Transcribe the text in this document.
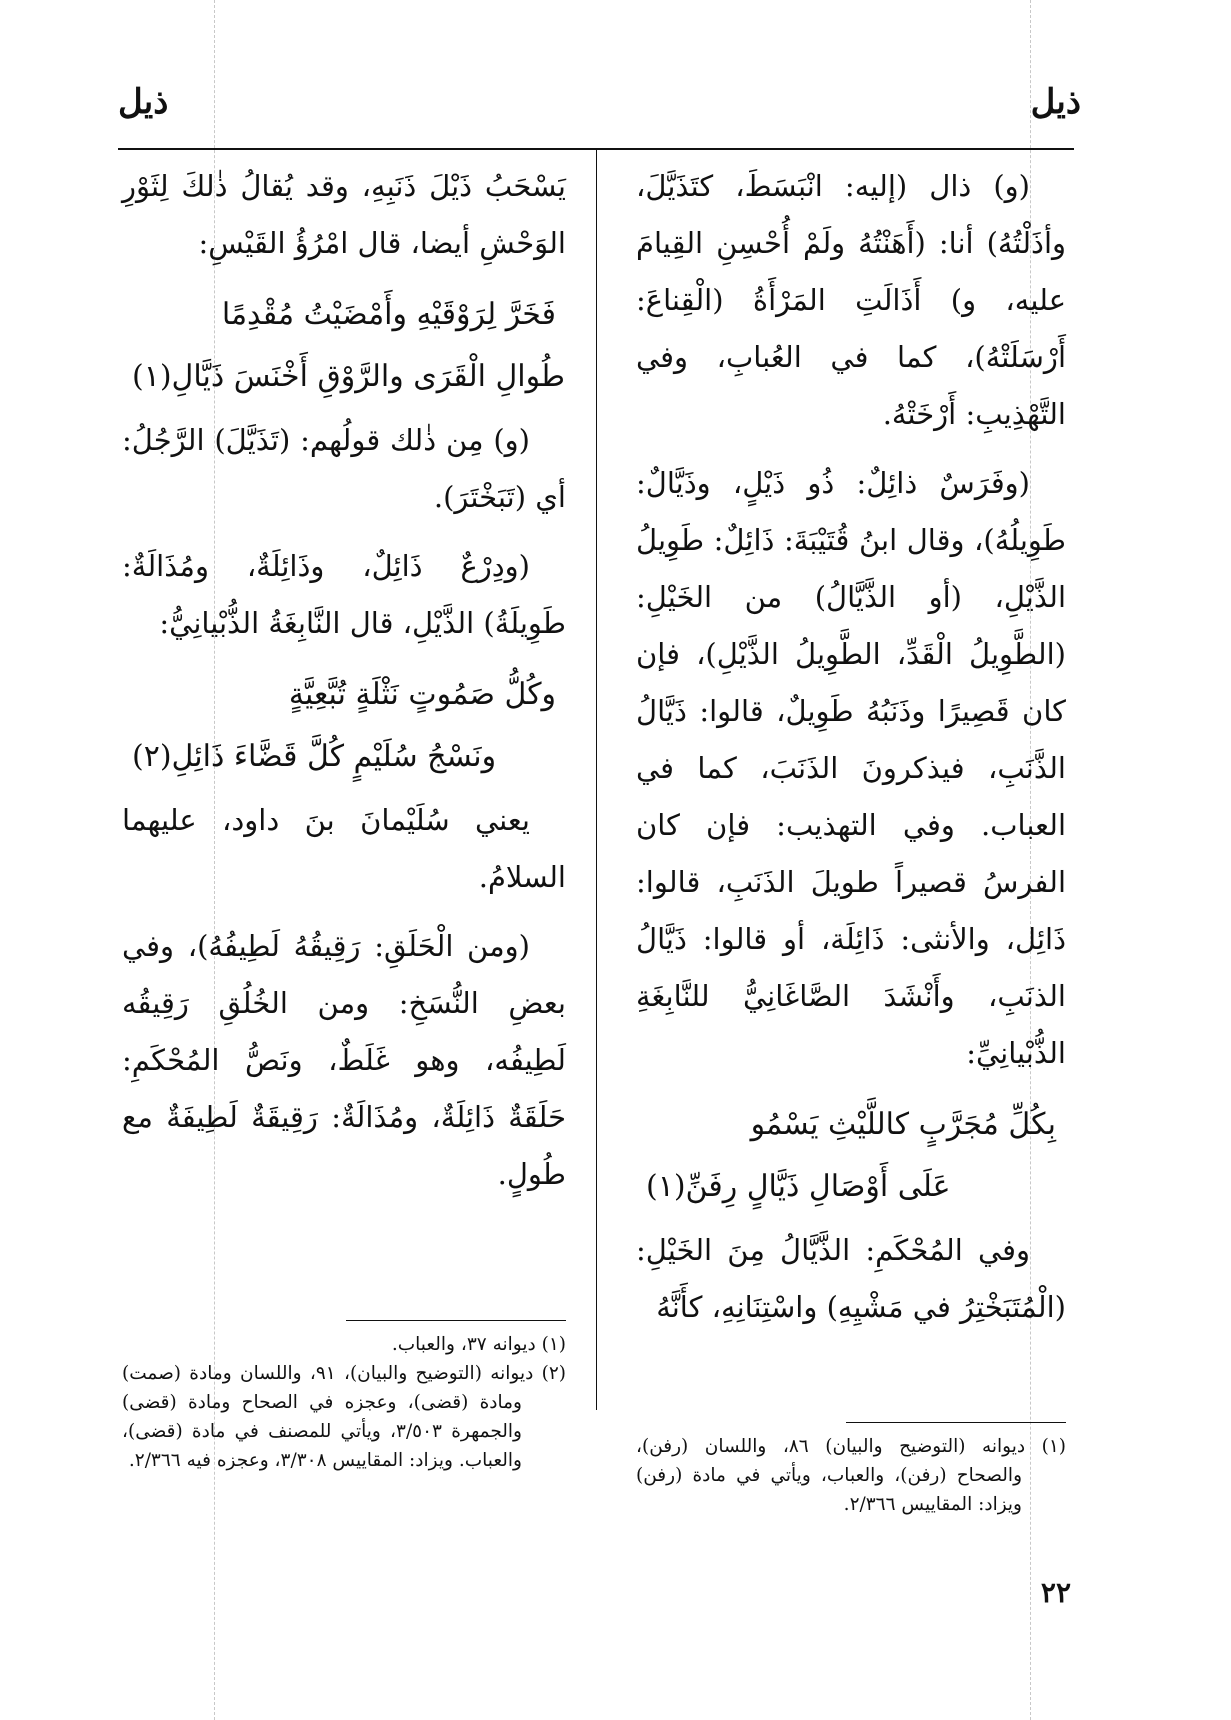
ذيل
ذيل

(و) ذال (إليه: انْبَسَطَ، كتَذَيَّلَ، وأذَلْتُهُ) أنا: (أَهَنْتُهُ ولَمْ أُحْسِنِ القِيامَ عليه، و) أَذَالَتِ المَرْأَةُ (الْقِناعَ: أَرْسَلَتْهُ)، كما في العُبابِ، وفي التَّهْذِيبِ: أَرْخَتْهُ.

(وفَرَسٌ ذائِلٌ: ذُو ذَيْلٍ، وذَيَّالٌ: طَوِيلُهُ)، وقال ابنُ قُتَيْبَةَ: ذَائِلٌ: طَوِيلُ الذَّيْلِ، (أو الذَّيَّالُ) من الخَيْلِ: (الطَّوِيلُ الْقَدِّ، الطَّوِيلُ الذَّيْلِ)، فإن كان قَصِيرًا وذَنَبُهُ طَوِيلٌ، قالوا: ذَيَّالُ الذَّنَبِ، فيذكرونَ الذَنَبَ، كما في العباب. وفي التهذيب: فإن كان الفرسُ قصيراً طويلَ الذَنَبِ، قالوا: ذَائِل، والأنثى: ذَائِلَة، أو قالوا: ذَيَّالُ الذنَبِ، وأَنْشَدَ الصَّاغَانِيُّ للنَّابِغَةِ الذُّبْيانِيِّ:

بِكُلِّ مُجَرَّبٍ كاللَّيْثِ يَسْمُو
عَلَى أَوْصَالِ ذَيَّالٍ رِفَنِّ(١)

وفي المُحْكَمِ: الذَّيَّالُ مِنَ الخَيْلِ: (الْمُتَبَخْتِرُ في مَشْيِهِ) واسْتِنَانِهِ، كأَنَّهُ

يَسْحَبُ ذَيْلَ ذَنَبِهِ، وقد يُقالُ ذٰلكَ لِثَوْرِ الوَحْشِ أيضا، قال امْرُؤُ القَيْسِ:

فَخَرَّ لِرَوْقَيْهِ وأَمْضَيْتُ مُقْدِمًا
طُوالِ الْقَرَى والرَّوْقِ أَخْنَسَ ذَيَّالِ(١)

(و) مِن ذٰلك قولُهم: (تَذَيَّلَ) الرَّجُلُ: أي (تَبَخْتَرَ).

(ودِرْعٌ ذَائِلٌ، وذَائِلَةٌ، ومُذَالَةٌ: طَوِيلَةُ) الذَّيْلِ، قال النَّابِغَةُ الذُّبْيانِيُّ:

وكُلُّ صَمُوتٍ نَثْلَةٍ تُبَّعِيَّةٍ
ونَسْجُ سُلَيْمٍ كُلَّ قَضَّاءَ ذَائِلِ(٢)

يعني سُلَيْمانَ بنَ داود، عليهما السلامُ.

(ومن الْحَلَقِ: رَقِيقُهُ لَطِيفُهُ)، وفي بعضِ النُّسَخِ: ومن الخُلُقِ رَقِيقُه لَطِيفُه، وهو غَلَطٌ، ونَصُّ المُحْكَمِ: حَلَقَةٌ ذَائِلَةٌ، ومُذَالَةٌ: رَقِيقَةٌ لَطِيفَةٌ مع طُولٍ.

(١) ديوانه ٣٧، والعباب.

(٢) ديوانه (التوضيح والبيان)، ٩١، واللسان ومادة (صمت) ومادة (قضى)، وعجزه في الصحاح ومادة (قضى) والجمهرة ٣/٥٠٣، ويأتي للمصنف في مادة (قضى)، والعباب. ويزاد: المقاييس ٣/٣٠٨، وعجزه فيه ٢/٣٦٦.

(١) ديوانه (التوضيح والبيان) ٨٦، واللسان (رفن)، والصحاح (رفن)، والعباب، ويأتي في مادة (رفن) ويزاد: المقاييس ٢/٣٦٦.

٢٢
